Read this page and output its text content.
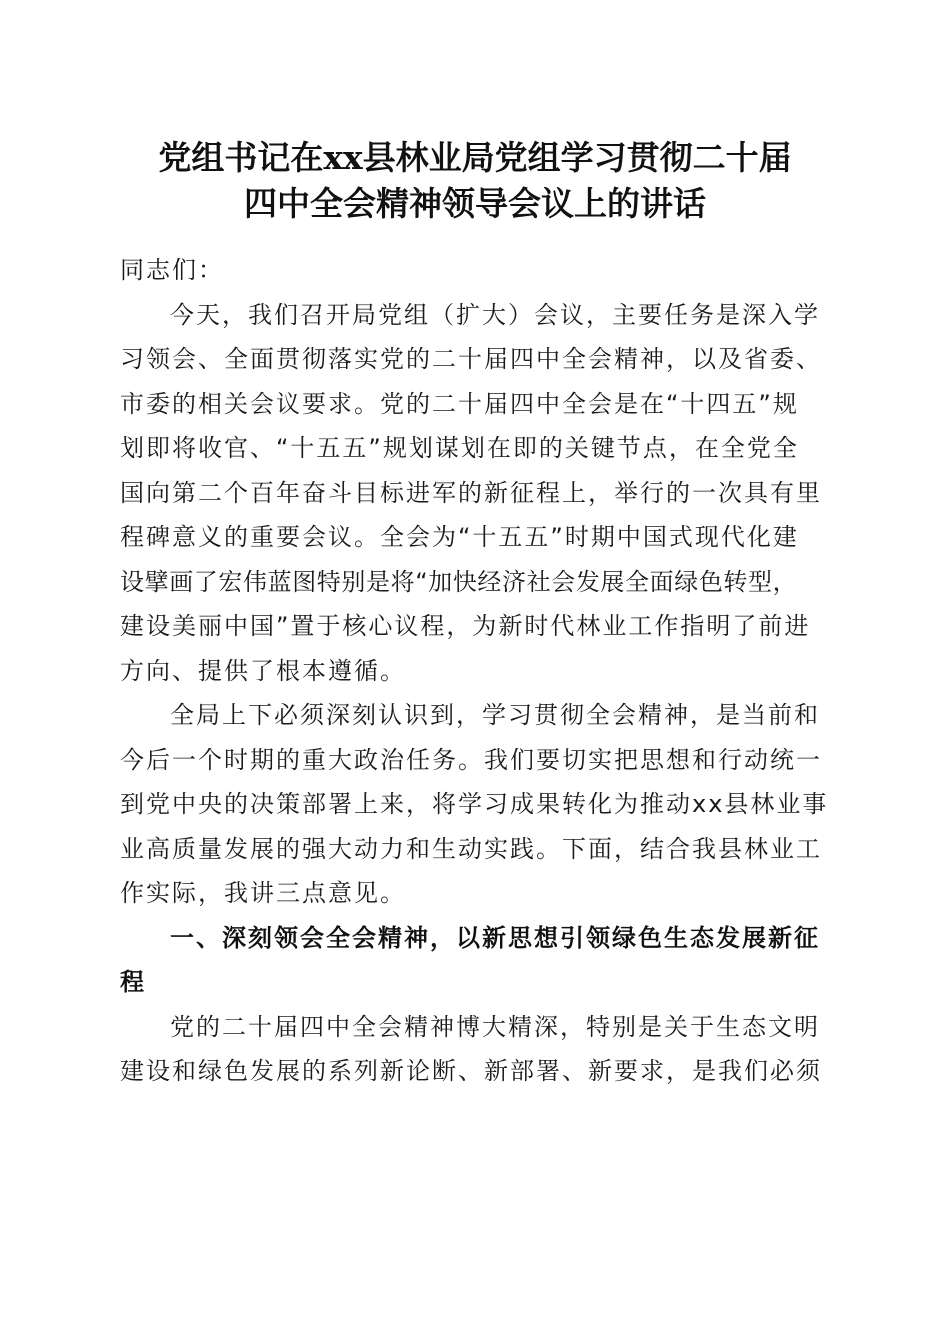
党组书记在xx县林业局党组学习贯彻二十届
四中全会精神领导会议上的讲话
同志们：
今天，我们召开局党组（扩大）会议，主要任务是深入学
习领会、全面贯彻落实党的二十届四中全会精神，以及省委、
市委的相关会议要求。党的二十届四中全会是在“十四五”规
划即将收官、“十五五”规划谋划在即的关键节点，在全党全
国向第二个百年奋斗目标进军的新征程上，举行的一次具有里
程碑意义的重要会议。全会为“十五五”时期中国式现代化建
设擘画了宏伟蓝图特别是将“加快经济社会发展全面绿色转型，
建设美丽中国”置于核心议程，为新时代林业工作指明了前进
方向、提供了根本遵循。
全局上下必须深刻认识到，学习贯彻全会精神，是当前和
今后一个时期的重大政治任务。我们要切实把思想和行动统一
到党中央的决策部署上来，将学习成果转化为推动xx县林业事
业高质量发展的强大动力和生动实践。下面，结合我县林业工
作实际，我讲三点意见。
一、深刻领会全会精神，以新思想引领绿色生态发展新征
程
党的二十届四中全会精神博大精深，特别是关于生态文明
建设和绿色发展的系列新论断、新部署、新要求，是我们必须
